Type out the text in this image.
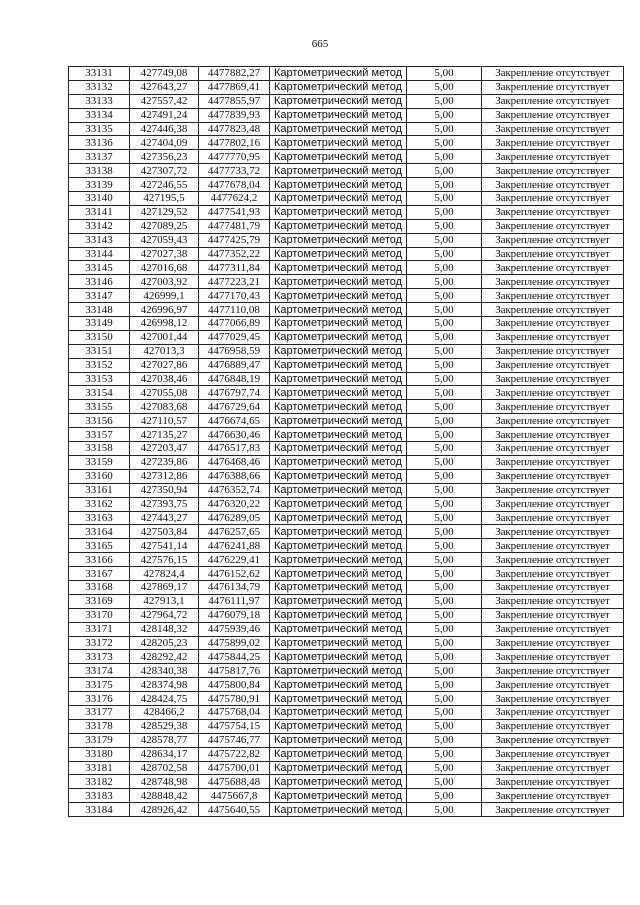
665
33131	427749,08	4477882,27	Картометрический метод	5,00	Закрепление отсутствует
33132	427643,27	4477869,41	Картометрический метод	5,00	Закрепление отсутствует
33133	427557,42	4477855,97	Картометрический метод	5,00	Закрепление отсутствует
33134	427491,24	4477839,93	Картометрический метод	5,00	Закрепление отсутствует
33135	427446,38	4477823,48	Картометрический метод	5,00	Закрепление отсутствует
33136	427404,09	4477802,16	Картометрический метод	5,00	Закрепление отсутствует
33137	427356,23	4477770,95	Картометрический метод	5,00	Закрепление отсутствует
33138	427307,72	4477733,72	Картометрический метод	5,00	Закрепление отсутствует
33139	427246,55	4477678,04	Картометрический метод	5,00	Закрепление отсутствует
33140	427195,5	4477624,2	Картометрический метод	5,00	Закрепление отсутствует
33141	427129,52	4477541,93	Картометрический метод	5,00	Закрепление отсутствует
33142	427089,25	4477481,79	Картометрический метод	5,00	Закрепление отсутствует
33143	427059,43	4477425,79	Картометрический метод	5,00	Закрепление отсутствует
33144	427027,38	4477352,22	Картометрический метод	5,00	Закрепление отсутствует
33145	427016,68	4477311,84	Картометрический метод	5,00	Закрепление отсутствует
33146	427003,92	4477223,21	Картометрический метод	5,00	Закрепление отсутствует
33147	426999,1	4477170,43	Картометрический метод	5,00	Закрепление отсутствует
33148	426996,97	4477110,08	Картометрический метод	5,00	Закрепление отсутствует
33149	426998,12	4477066,89	Картометрический метод	5,00	Закрепление отсутствует
33150	427001,44	4477029,45	Картометрический метод	5,00	Закрепление отсутствует
33151	427013,3	4476958,59	Картометрический метод	5,00	Закрепление отсутствует
33152	427027,86	4476889,47	Картометрический метод	5,00	Закрепление отсутствует
33153	427038,46	4476848,19	Картометрический метод	5,00	Закрепление отсутствует
33154	427055,08	4476797,74	Картометрический метод	5,00	Закрепление отсутствует
33155	427083,68	4476729,64	Картометрический метод	5,00	Закрепление отсутствует
33156	427110,57	4476674,65	Картометрический метод	5,00	Закрепление отсутствует
33157	427135,27	4476630,46	Картометрический метод	5,00	Закрепление отсутствует
33158	427203,47	4476517,83	Картометрический метод	5,00	Закрепление отсутствует
33159	427239,86	4476468,46	Картометрический метод	5,00	Закрепление отсутствует
33160	427312,86	4476388,66	Картометрический метод	5,00	Закрепление отсутствует
33161	427350,94	4476352,74	Картометрический метод	5,00	Закрепление отсутствует
33162	427393,75	4476320,22	Картометрический метод	5,00	Закрепление отсутствует
33163	427443,27	4476289,05	Картометрический метод	5,00	Закрепление отсутствует
33164	427503,84	4476257,65	Картометрический метод	5,00	Закрепление отсутствует
33165	427541,14	4476241,88	Картометрический метод	5,00	Закрепление отсутствует
33166	427576,15	4476229,41	Картометрический метод	5,00	Закрепление отсутствует
33167	427824,4	4476152,62	Картометрический метод	5,00	Закрепление отсутствует
33168	427869,17	4476134,79	Картометрический метод	5,00	Закрепление отсутствует
33169	427913,1	4476111,97	Картометрический метод	5,00	Закрепление отсутствует
33170	427964,72	4476079,18	Картометрический метод	5,00	Закрепление отсутствует
33171	428148,32	4475939,46	Картометрический метод	5,00	Закрепление отсутствует
33172	428205,23	4475899,02	Картометрический метод	5,00	Закрепление отсутствует
33173	428292,42	4475844,25	Картометрический метод	5,00	Закрепление отсутствует
33174	428340,38	4475817,76	Картометрический метод	5,00	Закрепление отсутствует
33175	428374,98	4475800,84	Картометрический метод	5,00	Закрепление отсутствует
33176	428424,75	4475780,91	Картометрический метод	5,00	Закрепление отсутствует
33177	428466,2	4475768,04	Картометрический метод	5,00	Закрепление отсутствует
33178	428529,38	4475754,15	Картометрический метод	5,00	Закрепление отсутствует
33179	428578,77	4475746,77	Картометрический метод	5,00	Закрепление отсутствует
33180	428634,17	4475722,82	Картометрический метод	5,00	Закрепление отсутствует
33181	428702,58	4475700,01	Картометрический метод	5,00	Закрепление отсутствует
33182	428748,98	4475688,48	Картометрический метод	5,00	Закрепление отсутствует
33183	428848,42	4475667,8	Картометрический метод	5,00	Закрепление отсутствует
33184	428926,42	4475640,55	Картометрический метод	5,00	Закрепление отсутствует
